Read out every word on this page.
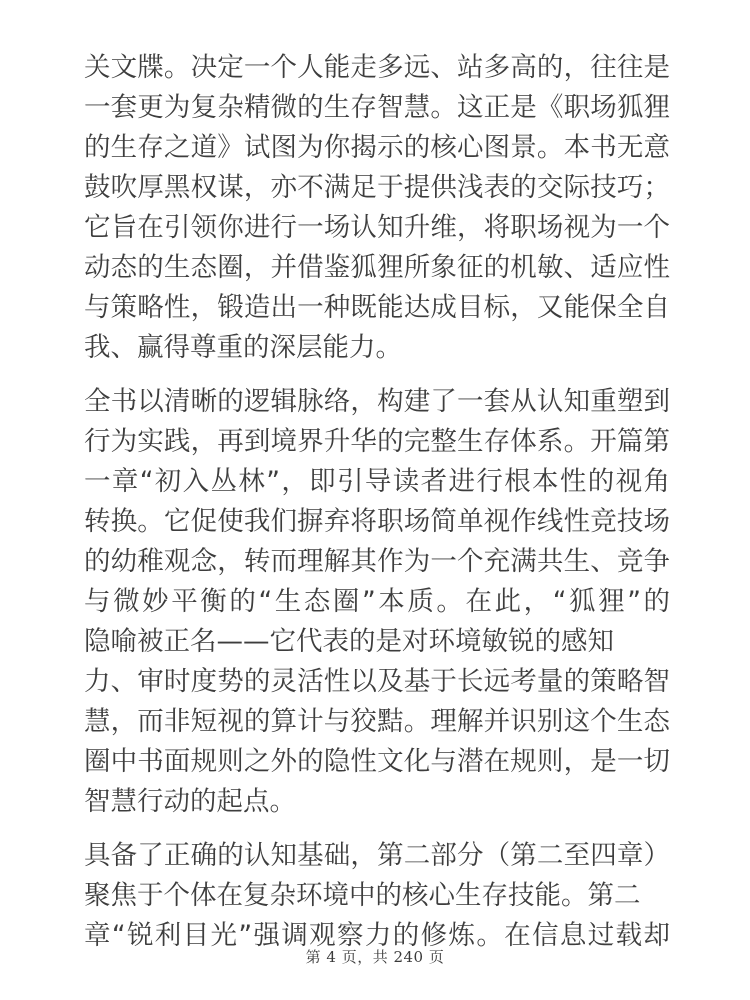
关文牒。决定一个人能走多远、站多高的，往往是
一套更为复杂精微的生存智慧。这正是《职场狐狸
的生存之道》试图为你揭示的核心图景。本书无意
鼓吹厚黑权谋，亦不满足于提供浅表的交际技巧；
它旨在引领你进行一场认知升维，将职场视为一个
动态的生态圈，并借鉴狐狸所象征的机敏、适应性
与策略性，锻造出一种既能达成目标，又能保全自
我、赢得尊重的深层能力。
全书以清晰的逻辑脉络，构建了一套从认知重塑到
行为实践，再到境界升华的完整生存体系。开篇第
一章“初入丛林”，即引导读者进行根本性的视角
转换。它促使我们摒弃将职场简单视作线性竞技场
的幼稚观念，转而理解其作为一个充满共生、竞争
与微妙平衡的“生态圈”本质。在此，“狐狸”的
隐喻被正名——它代表的是对环境敏锐的感知
力、审时度势的灵活性以及基于长远考量的策略智
慧，而非短视的算计与狡黠。理解并识别这个生态
圈中书面规则之外的隐性文化与潜在规则，是一切
智慧行动的起点。
具备了正确的认知基础，第二部分（第二至四章）
聚焦于个体在复杂环境中的核心生存技能。第二
章“锐利目光”强调观察力的修炼。在信息过载却
第 4 页，共 240 页
